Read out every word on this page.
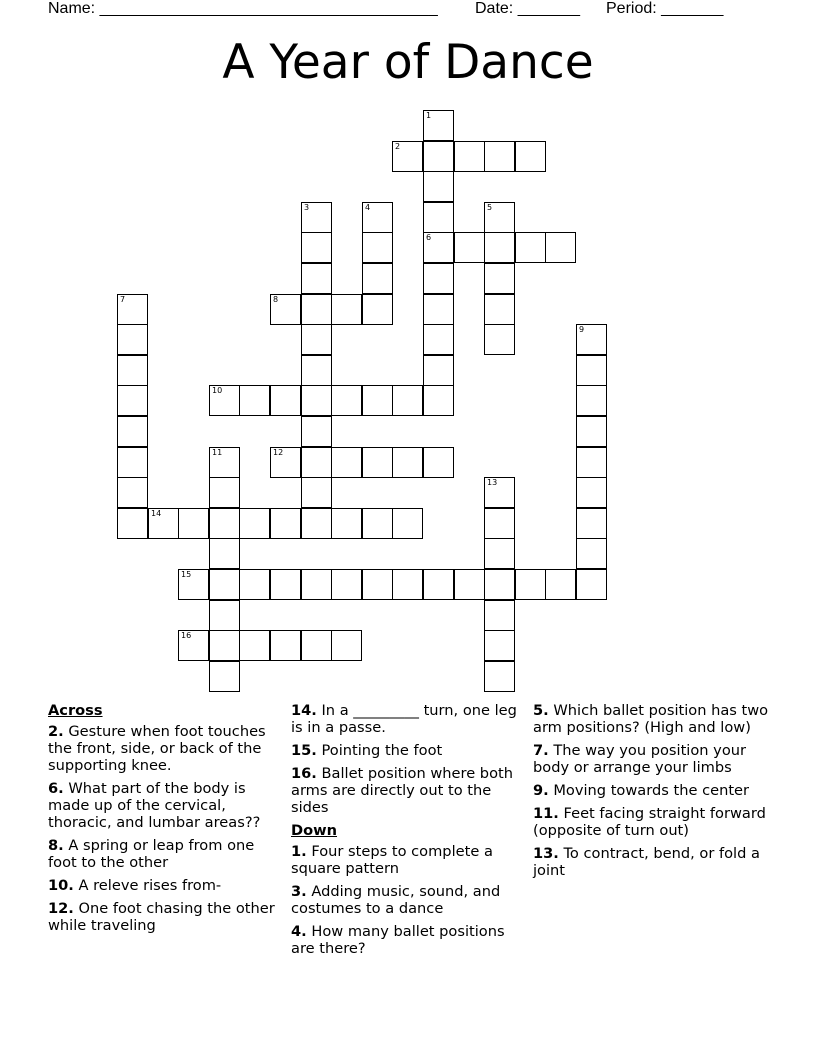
Name: ______________________________________

Date: _______

Period: _______

A Year of Dance
1
6
2
3	4	5
7	8
9
10
11	12
13
14
15
16
Across
2. Gesture when foot touches the front, side, or back of the supporting knee.
6. What part of the body is made up of the cervical, thoracic, and lumbar areas??
8. A spring or leap from one foot to the other
10. A releve rises from-
12. One foot chasing the other while traveling
14. In a _________ turn, one leg is in a passe.
15. Pointing the foot
16. Ballet position where both arms are directly out to the sides
Down
1. Four steps to complete a square pattern
3. Adding music, sound, and costumes to a dance
4. How many ballet positions are there?
5. Which ballet position has two arm positions? (High and low)
7. The way you position your body or arrange your limbs
9. Moving towards the center
11. Feet facing straight forward (opposite of turn out)
13. To contract, bend, or fold a joint
